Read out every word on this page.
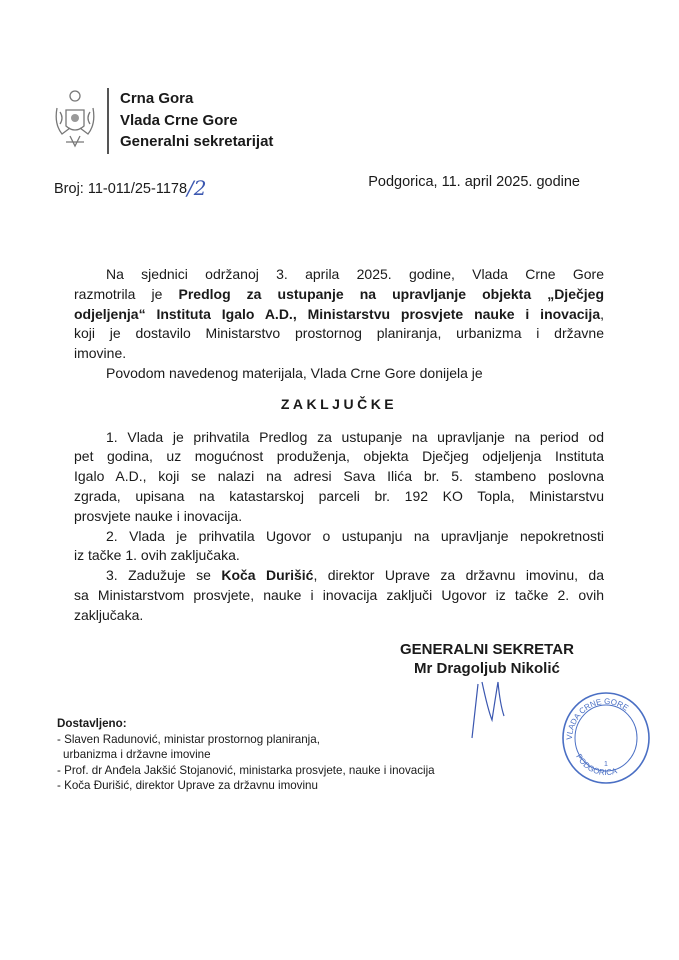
Crna Gora
Vlada Crne Gore
Generalni sekretarijat
Broj: 11-011/25-1178/2	Podgorica, 11. april 2025. godine
Na sjednici održanoj 3. aprila 2025. godine, Vlada Crne Gore
razmotrila je Predlog za ustupanje na upravljanje objekta „Dječjeg
odjeljenja“ Instituta Igalo A.D., Ministarstvu prosvjete nauke i inovacija,
koji je dostavilo Ministarstvo prostornog planiranja, urbanizma i državne
imovine.
Povodom navedenog materijala, Vlada Crne Gore donijela je
ZAKLJUČKE
1. Vlada je prihvatila Predlog za ustupanje na upravljanje na period od
pet godina, uz mogućnost produženja, objekta Dječjeg odjeljenja Instituta
Igalo A.D., koji se nalazi na adresi Sava Ilića br. 5. stambeno poslovna
zgrada, upisana na katastarskoj parceli br. 192 KO Topla, Ministarstvu
prosvjete nauke i inovacija.
2. Vlada je prihvatila Ugovor o ustupanju na upravljanje nepokretnosti
iz tačke 1. ovih zaključaka.
3. Zadužuje se Koča Durišić, direktor Uprave za državnu imovinu, da
sa Ministarstvom prosvjete, nauke i inovacija zaključi Ugovor iz tačke 2. ovih
zaključaka.
GENERALNI SEKRETAR
Mr Dragoljub Nikolić
VLADA CRNE GORE
PODGORICA
1
Dostavljeno:
- Slaven Radunović, ministar prostornog planiranja,
urbanizma i državne imovine
- Prof. dr Anđela Jakšić Stojanović, ministarka prosvjete, nauke i inovacija
- Koča Đurišić, direktor Uprave za državnu imovinu
